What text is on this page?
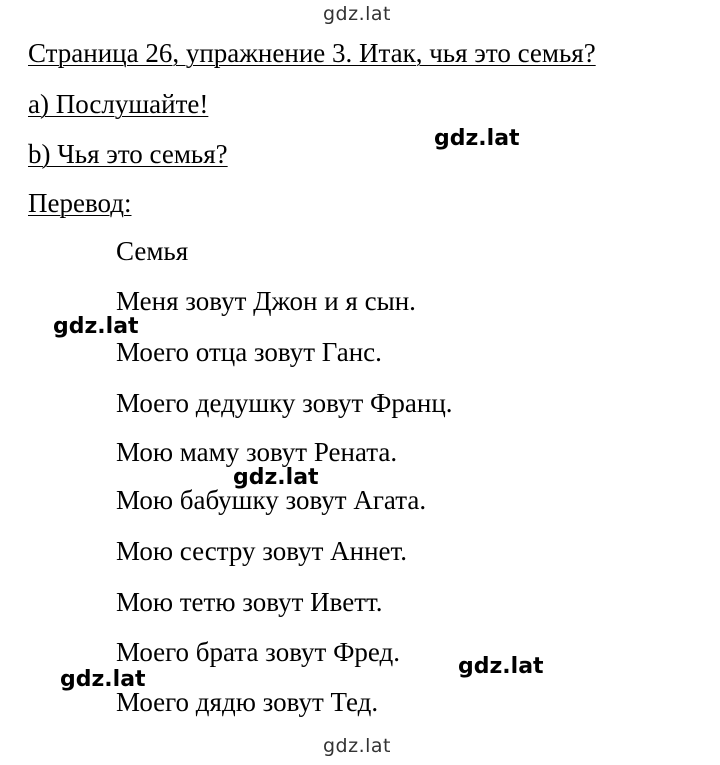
gdz.lat
Страница 26, упражнение 3. Итак, чья это семья?
a) Послушайте!
b) Чья это семья?
Перевод:
Семья
Меня зовут Джон и я сын.
Моего отца зовут Ганс.
Моего дедушку зовут Франц.
Мою маму зовут Рената.
Мою бабушку зовут Агата.
Мою сестру зовут Аннет.
Мою тетю зовут Иветт.
Моего брата зовут Фред.
Моего дядю зовут Тед.
gdz.lat
gdz.lat
gdz.lat
gdz.lat
gdz.lat
gdz.lat
